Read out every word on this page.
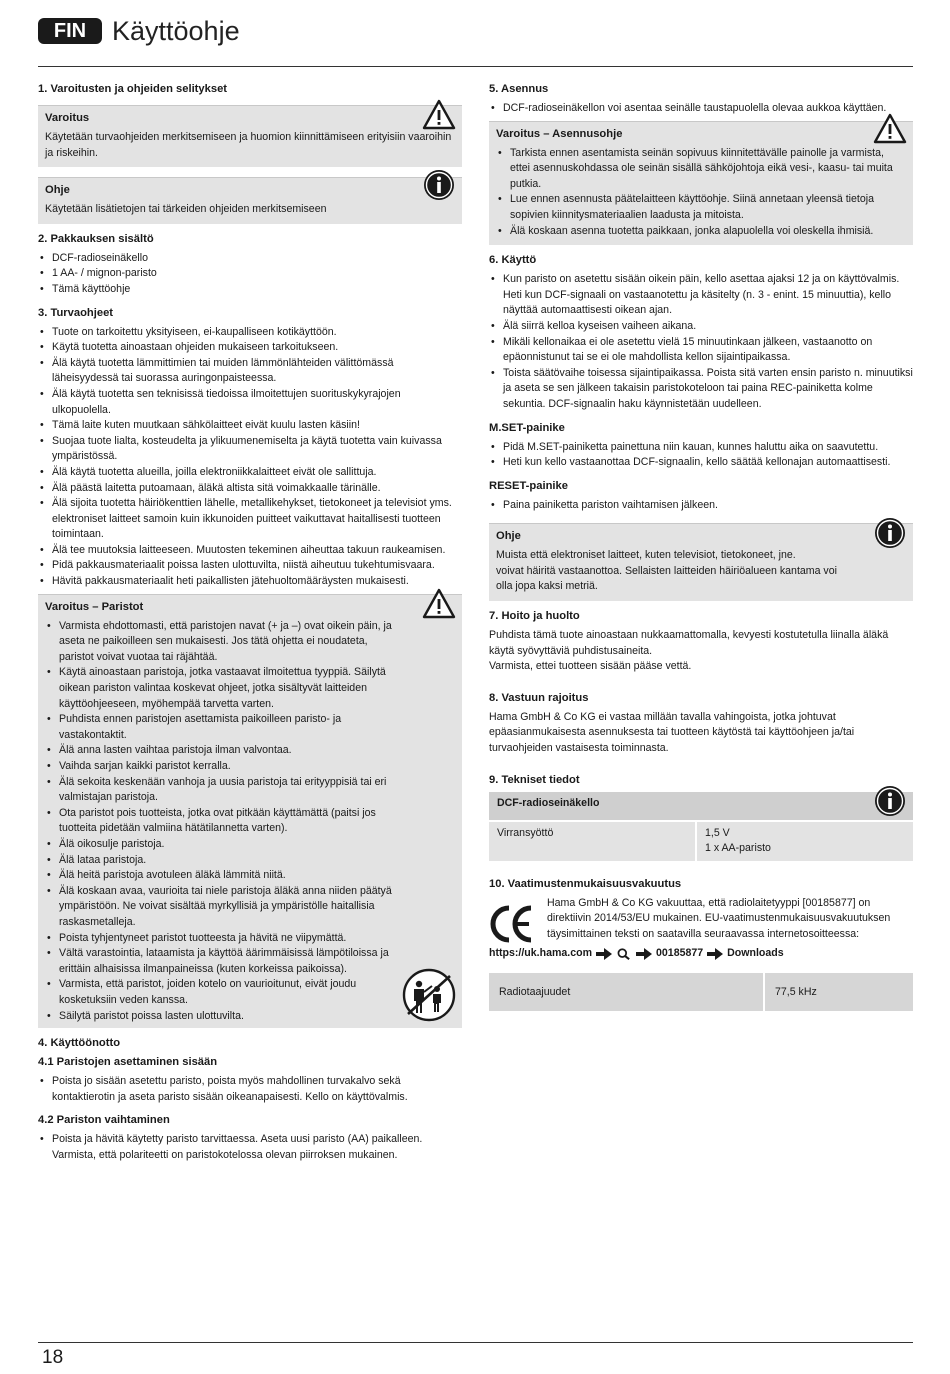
FIN Käyttöohje
1. Varoitusten ja ohjeiden selitykset
Varoitus

Käytetään turvaohjeiden merkitsemiseen ja huomion kiinnittämiseen erityisiin vaaroihin ja riskeihin.

Ohje

Käytetään lisätietojen tai tärkeiden ohjeiden merkitsemiseen

2. Pakkauksen sisältö
• DCF-radioseinäkello
• 1 AA- / mignon-paristo
• Tämä käyttöohje
3. Turvaohjeet
• Tuote on tarkoitettu yksityiseen, ei-kaupalliseen kotikäyttöön.
• Käytä tuotetta ainoastaan ohjeiden mukaiseen tarkoitukseen.
• Älä käytä tuotetta lämmittimien tai muiden lämmönlähteiden välittömässä läheisyydessä tai suorassa auringonpaisteessa.
• Älä käytä tuotetta sen teknisissä tiedoissa ilmoitettujen suorituskykyrajojen ulkopuolella.
• Tämä laite kuten muutkaan sähkölaitteet eivät kuulu lasten käsiin!
• Suojaa tuote lialta, kosteudelta ja ylikuumenemiselta ja käytä tuotetta vain kuivassa ympäristössä.
• Älä käytä tuotetta alueilla, joilla elektroniikkalaitteet eivät ole sallittuja.
• Älä päästä laitetta putoamaan, äläkä altista sitä voimakkaalle tärinälle.
• Älä sijoita tuotetta häiriökenttien lähelle, metallikehykset, tietokoneet ja televisiot yms. elektroniset laitteet samoin kuin ikkunoiden puitteet vaikuttavat haitallisesti tuotteen toimintaan.
• Älä tee muutoksia laitteeseen. Muutosten tekeminen aiheuttaa takuun raukeamisen.
• Pidä pakkausmateriaalit poissa lasten ulottuvilta, niistä aiheutuu tukehtumisvaara.
• Hävitä pakkausmateriaalit heti paikallisten jätehuoltomääräysten mukaisesti.
Varoitus – Paristot
• Varmista ehdottomasti, että paristojen navat (+ ja –) ovat oikein päin, ja aseta ne paikoilleen sen mukaisesti. Jos tätä ohjetta ei noudateta, paristot voivat vuotaa tai räjähtää.
• Käytä ainoastaan paristoja, jotka vastaavat ilmoitettua tyyppiä. Säilytä oikean pariston valintaa koskevat ohjeet, jotka sisältyvät laitteiden käyttöohjeeseen, myöhempää tarvetta varten.
• Puhdista ennen paristojen asettamista paikoilleen paristo- ja vastakontaktit.
• Älä anna lasten vaihtaa paristoja ilman valvontaa.
• Vaihda sarjan kaikki paristot kerralla.
• Älä sekoita keskenään vanhoja ja uusia paristoja tai erityyppisiä tai eri valmistajan paristoja.
• Ota paristot pois tuotteista, jotka ovat pitkään käyttämättä (paitsi jos tuotteita pidetään valmiina hätätilannetta varten).
• Älä oikosulje paristoja.
• Älä lataa paristoja.
• Älä heitä paristoja avotuleen äläkä lämmitä niitä.
• Älä koskaan avaa, vaurioita tai niele paristoja äläkä anna niiden päätyä ympäristöön. Ne voivat sisältää myrkyllisiä ja ympäristölle haitallisia raskasmetalleja.
• Poista tyhjentyneet paristot tuotteesta ja hävitä ne viipymättä.
• Vältä varastointia, lataamista ja käyttöä äärimmäisissä lämpötiloissa ja erittäin alhaisissa ilmanpaineissa (kuten korkeissa paikoissa).
• Varmista, että paristot, joiden kotelo on vaurioitunut, eivät joudu kosketuksiin veden kanssa.
• Säilytä paristot poissa lasten ulottuvilta.
4. Käyttöönotto
4.1 Paristojen asettaminen sisään
• Poista jo sisään asetettu paristo, poista myös mahdollinen turvakalvo sekä kontaktierotin ja aseta paristo sisään oikeanapaisesti. Kello on käyttövalmis.
4.2 Pariston vaihtaminen
• Poista ja hävitä käytetty paristo tarvittaessa. Aseta uusi paristo (AA) paikalleen. Varmista, että polariteetti on paristokotelossa olevan piirroksen mukainen.
5. Asennus
• DCF-radioseinäkellon voi asentaa seinälle taustapuolella olevaa aukkoa käyttäen.
Varoitus – Asennusohje
• Tarkista ennen asentamista seinän sopivuus kiinnitettävälle painolle ja varmista, ettei asennuskohdassa ole seinän sisällä sähköjohtoja eikä vesi-, kaasu- tai muita putkia.
• Lue ennen asennusta päätelaitteen käyttöohje. Siinä annetaan yleensä tietoja sopivien kiinnitysmateriaalien laadusta ja mitoista.
• Älä koskaan asenna tuotetta paikkaan, jonka alapuolella voi oleskella ihmisiä.
6. Käyttö
• Kun paristo on asetettu sisään oikein päin, kello asettaa ajaksi 12 ja on käyttövalmis. Heti kun DCF-signaali on vastaanotettu ja käsitelty (n. 3 - enint. 15 minuuttia), kello näyttää automaattisesti oikean ajan.
• Älä siirrä kelloa kyseisen vaiheen aikana.
• Mikäli kellonaikaa ei ole asetettu vielä 15 minuutinkaan jälkeen, vastaanotto on epäonnistunut tai se ei ole mahdollista kellon sijaintipaikassa.
• Toista säätövaihe toisessa sijaintipaikassa. Poista sitä varten ensin paristo n. minuutiksi ja aseta se sen jälkeen takaisin paristokoteloon tai paina REC-painiketta kolme sekuntia. DCF-signaalin haku käynnistetään uudelleen.
M.SET-painike
• Pidä M.SET-painiketta painettuna niin kauan, kunnes haluttu aika on saavutettu.
• Heti kun kello vastaanottaa DCF-signaalin, kello säätää kellonajan automaattisesti.
RESET-painike
• Paina painiketta pariston vaihtamisen jälkeen.
Ohje

Muista että elektroniset laitteet, kuten televisiot, tietokoneet, jne.

voivat häiritä vastaanottoa. Sellaisten laitteiden häiriöalueen kantama voi

olla jopa kaksi metriä.

7. Hoito ja huolto

Puhdista tämä tuote ainoastaan nukkaamattomalla, kevyesti kostutetulla liinalla äläkä käytä syövyttäviä puhdistusaineita.

Varmista, ettei tuotteen sisään pääse vettä.

8. Vastuun rajoitus

Hama GmbH & Co KG ei vastaa millään tavalla vahingoista, jotka johtuvat epäasianmukaisesta asennuksesta tai tuotteen käytöstä tai käyttöohjeen ja/tai turvaohjeiden vastaisesta toiminnasta.

9. Tekniset tiedot
DCF-radioseinäkello
Virransyöttö	1,5 V
1 x AA-paristo
10. Vaatimustenmukaisuusvakuutus

Hama GmbH & Co KG vakuuttaa, että radiolaitetyyppi [00185877] on direktiivin 2014/53/EU mukainen. EU-vaatimustenmukaisuusvakuutuksen täysimittainen teksti on saatavilla seuraavassa internetosoitteessa:

https://uk.hama.com	00185877 Downloads
Radiotaajuudet	77,5 kHz
18
